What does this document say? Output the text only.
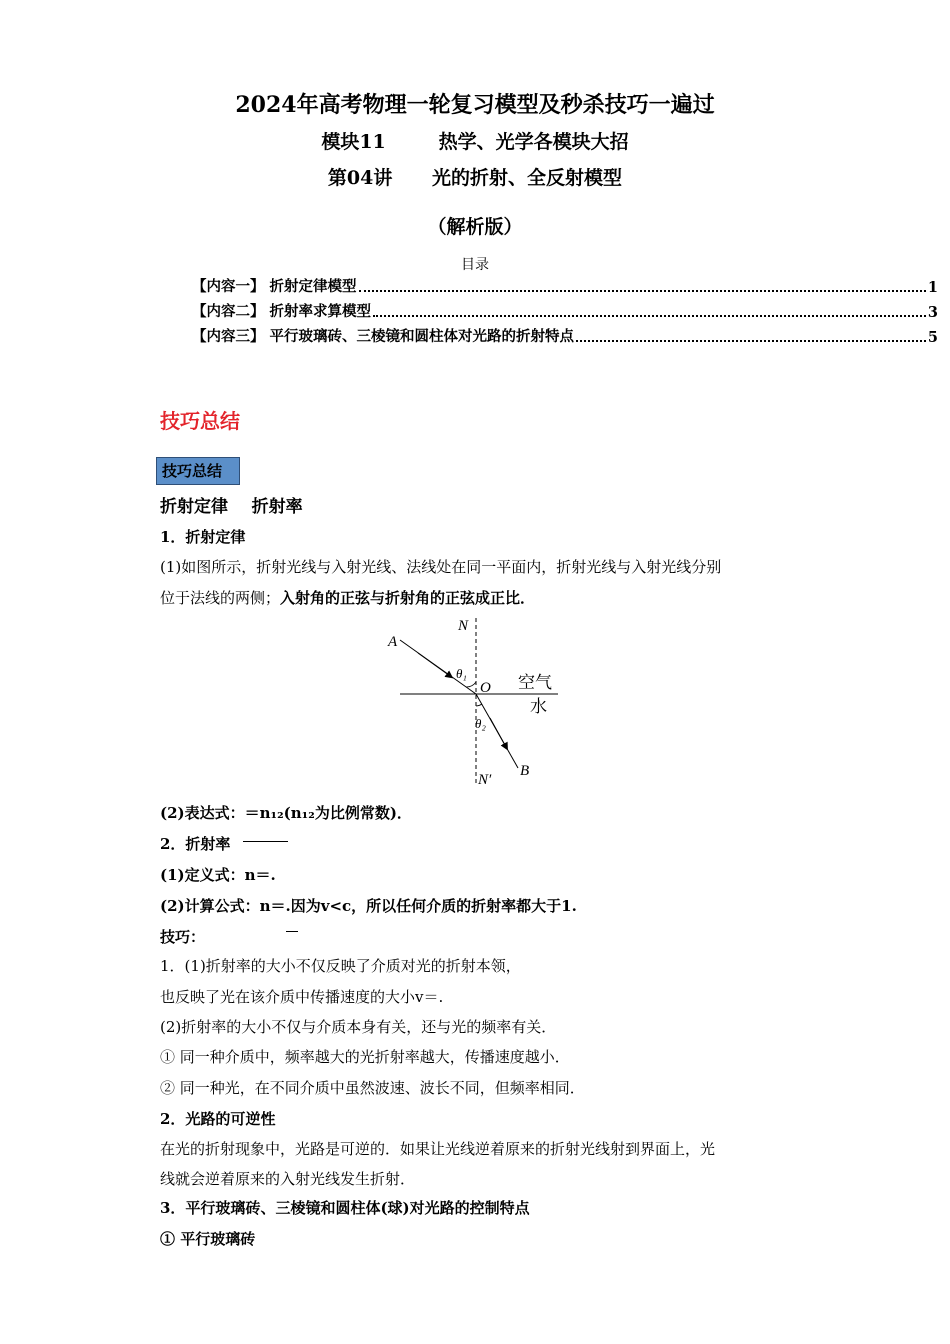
2024年高考物理一轮复习模型及秒杀技巧一遍过
模块11        热学、光学各模块大招
第04讲      光的折射、全反射模型
（解析版）
目录
【内容一】 折射定律模型	1
【内容二】 折射率求算模型	3
【内容三】 平行玻璃砖、三棱镜和圆柱体对光路的折射特点	5
技巧总结
技巧总结
折射定律    折射率
1．折射定律
(1)如图所示，折射光线与入射光线、法线处在同一平面内，折射光线与入射光线分别
位于法线的两侧；入射角的正弦与折射角的正弦成正比．
A
N
O
θ₁
θ₂
N′
B
空气
水
(2)表达式：＝n₁₂(n₁₂为比例常数)．
2．折射率
(1)定义式：n＝.
(2)计算公式：n＝.因为v<c，所以任何介质的折射率都大于1.
技巧：
1．(1)折射率的大小不仅反映了介质对光的折射本领，
也反映了光在该介质中传播速度的大小v＝.
(2)折射率的大小不仅与介质本身有关，还与光的频率有关．
① 同一种介质中，频率越大的光折射率越大，传播速度越小．
② 同一种光，在不同介质中虽然波速、波长不同，但频率相同．
2．光路的可逆性
在光的折射现象中，光路是可逆的．如果让光线逆着原来的折射光线射到界面上，光
线就会逆着原来的入射光线发生折射．
3．平行玻璃砖、三棱镜和圆柱体(球)对光路的控制特点
① 平行玻璃砖
